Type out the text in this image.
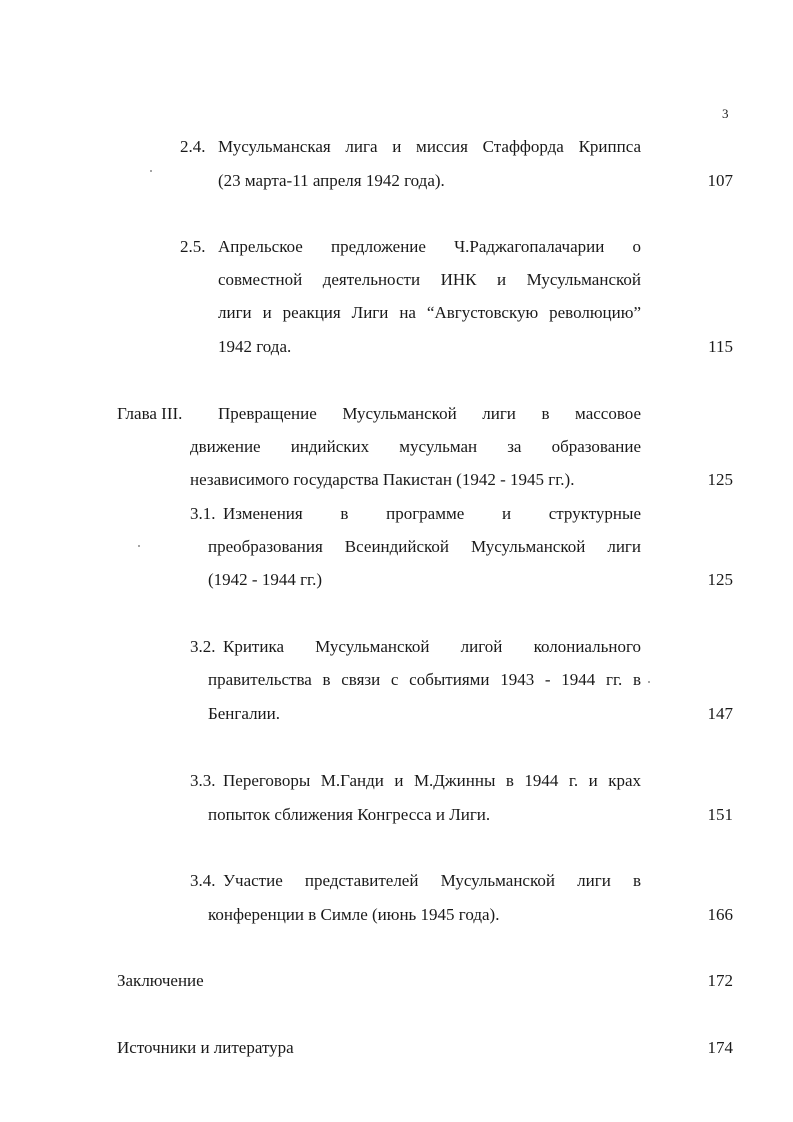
3
2.4. Мусульманская лига и миссия Стаффорда Криппса
(23 марта-11 апреля 1942 года).	107
2.5. Апрельское предложение Ч.Раджагопалачарии о
совместной деятельности ИНК и Мусульманской
лиги и реакция Лиги на “Августовскую революцию”
1942 года.	115
Глава III. Превращение Мусульманской лиги в массовое
движение индийских мусульман за образование
независимого государства Пакистан (1942 - 1945 гг.).	125
3.1. Изменения в программе и структурные
преобразования Всеиндийской Мусульманской лиги
(1942 - 1944 гг.)	125
3.2. Критика Мусульманской лигой колониального
правительства в связи с событиями 1943 - 1944 гг. в
Бенгалии.	147
3.3. Переговоры М.Ганди и М.Джинны в 1944 г. и крах
попыток сближения Конгресса и Лиги.	151
3.4. Участие представителей Мусульманской лиги в
конференции в Симле (июнь 1945 года).	166
Заключение	172
Источники и литература	174
